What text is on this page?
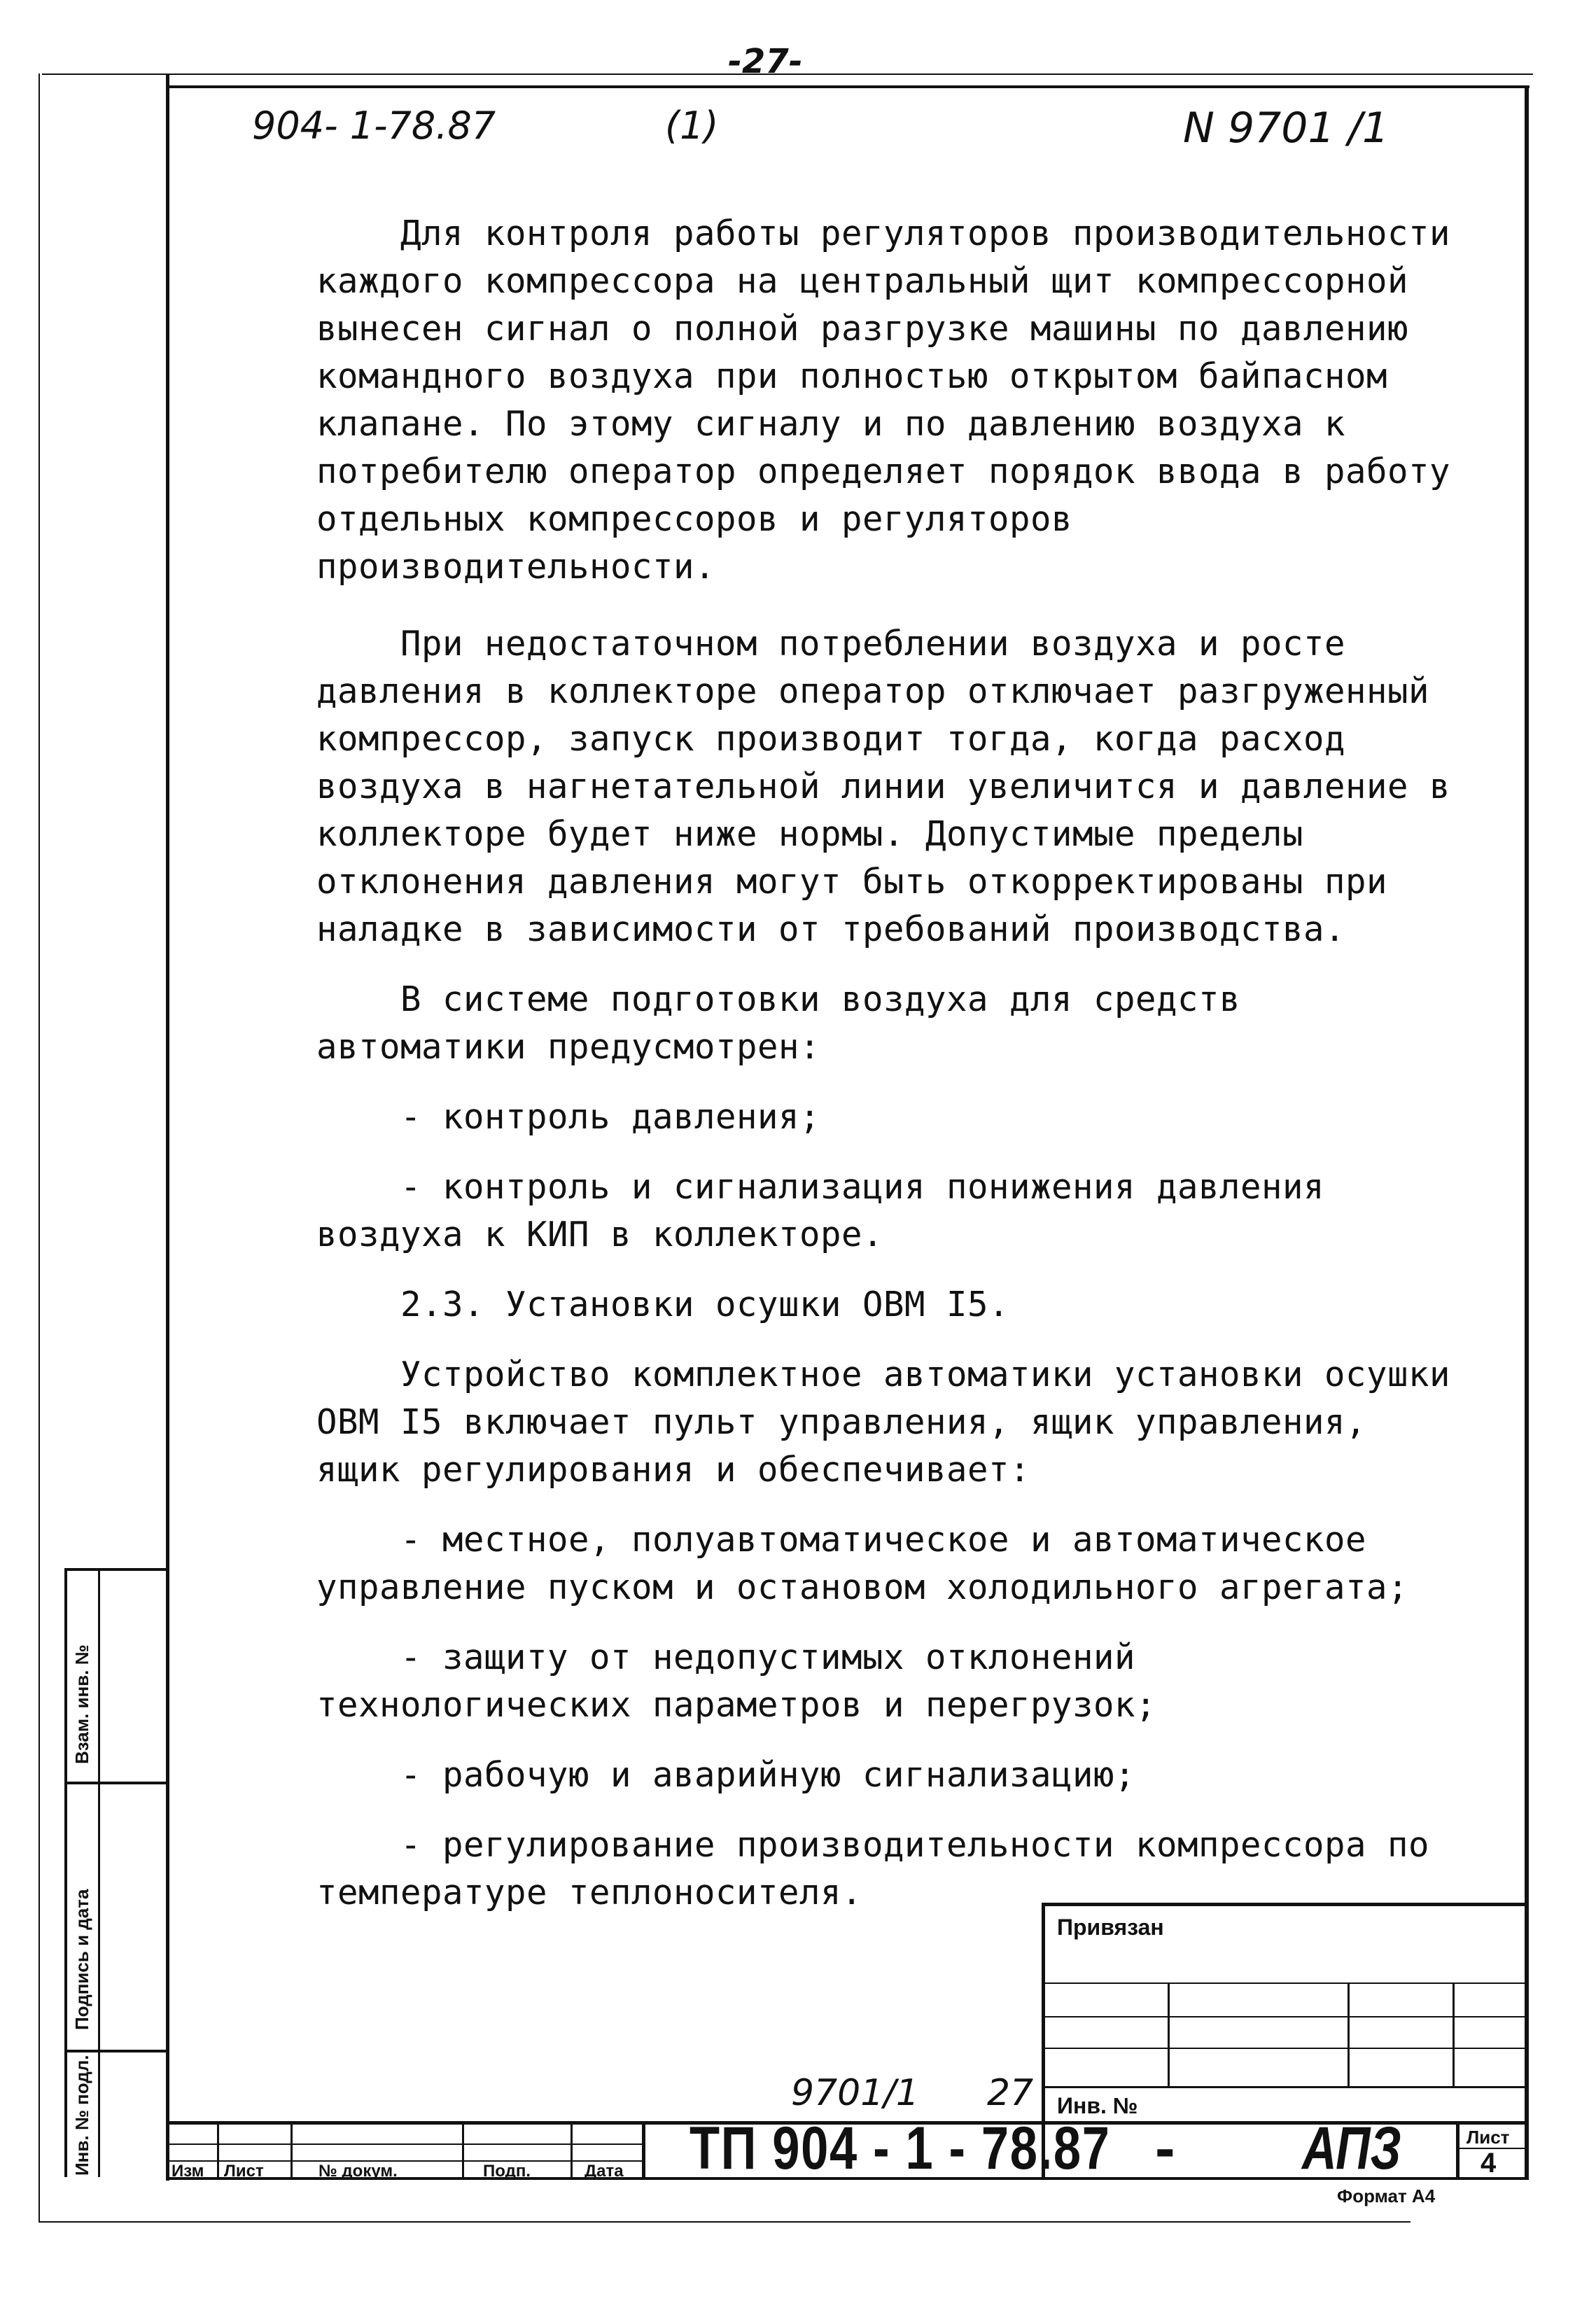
-27-
904- 1-78.87	(1)	N 9701 /1

Для контроля работы регуляторов производительности каждого компрессора на центральный щит компрессорной вынесен сигнал о полной разгрузке машины по давлению командного воздуха при полностью открытом байпасном клапане. По этому сигналу и по давлению воздуха к потребителю оператор определяет порядок ввода в работу отдельных компрессоров и регуляторов производительности.

При недостаточном потреблении воздуха и росте давления в коллекторе оператор отключает разгруженный компрессор, запуск производит тогда, когда расход воздуха в нагнетательной линии увеличится и давление в коллекторе будет ниже нормы. Допустимые пределы отклонения давления могут быть откорректированы при наладке в зависимости от требований производства.

В системе подготовки воздуха для средств автоматики предусмотрен:

- контроль давления;

- контроль и сигнализация понижения давления воздуха к КИП в коллекторе.

2.3. Установки осушки ОВМ I5.

Устройство комплектное автоматики установки осушки ОВМ I5 включает пульт управления, ящик управления, ящик регулирования и обеспечивает:

- местное, полуавтоматическое и автоматическое управление пуском и остановом холодильного агрегата;

- защиту от недопустимых отклонений технологических параметров и перегрузок;

- рабочую и аварийную сигнализацию;

- регулирование производительности компрессора по температуре теплоносителя.

Взам. инв. №
Подпись и дата
Инв. № подл.
Привязан
Инв. №
9701/1 27
Изм Лист	№ докум.	Подп.	Дата ТП 904 - 1 - 78.87 - АПЗ	Лист
4
Формат А4
